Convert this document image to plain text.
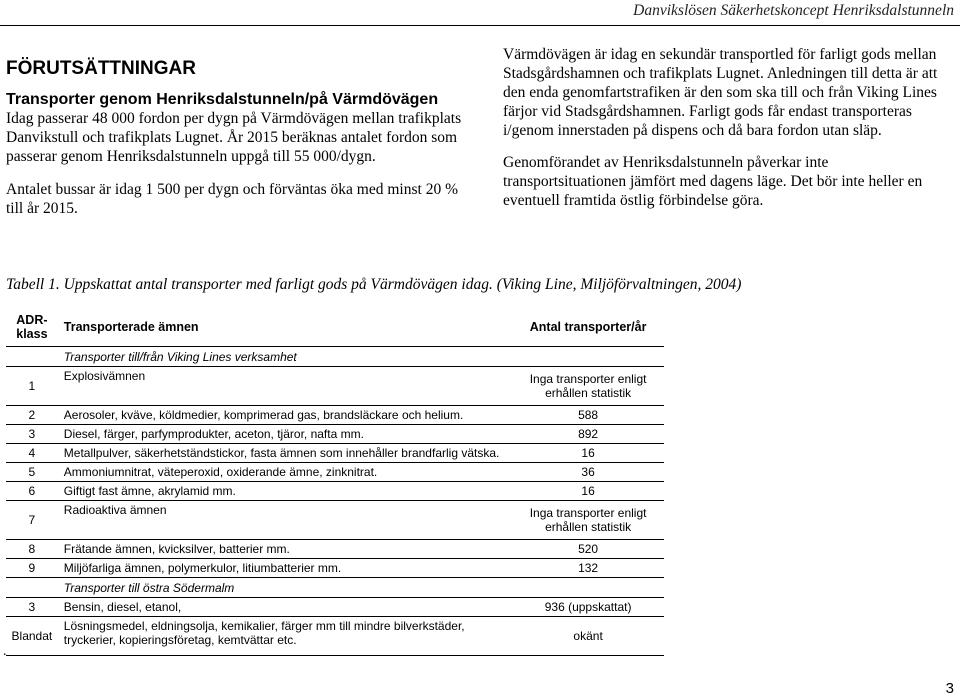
Danvikslösen Säkerhetskoncept Henriksdalstunneln
FÖRUTSÄTTNINGAR
Transporter genom Henriksdalstunneln/på Värmdövägen

Idag passerar 48 000 fordon per dygn på Värmdövägen mellan trafikplats Danvikstull och trafikplats Lugnet. År 2015 beräknas antalet fordon som passerar genom Henriksdalstunneln uppgå till 55 000/dygn.

Antalet bussar är idag 1 500 per dygn och förväntas öka med minst 20 % till år 2015.

Värmdövägen är idag en sekundär transportled för farligt gods mellan Stadsgårdshamnen och trafikplats Lugnet. Anledningen till detta är att den enda genomfartstrafiken är den som ska till och från Viking Lines färjor vid Stadsgårdshamnen. Farligt gods får endast transporteras i/genom innerstaden på dispens och då bara fordon utan släp.

Genomförandet av Henriksdalstunneln påverkar inte transportsituationen jämfört med dagens läge. Det bör inte heller en eventuell framtida östlig förbindelse göra.

Tabell 1. Uppskattat antal transporter med farligt gods på Värmdövägen idag. (Viking Line, Miljöförvaltningen, 2004)
ADR-klass	Transporterade ämnen	Antal transporter/år
	Transporter till/från Viking Lines verksamhet	
1	Explosivämnen	Inga transporter enligt erhållen statistik
2	Aerosoler, kväve, köldmedier, komprimerad gas, brandsläckare och helium.	588
3	Diesel, färger, parfymprodukter, aceton, tjäror, nafta mm.	892
4	Metallpulver, säkerhetständstickor, fasta ämnen som innehåller brandfarlig vätska.	16
5	Ammoniumnitrat, väteperoxid, oxiderande ämne, zinknitrat.	36
6	Giftigt fast ämne, akrylamid mm.	16
7	Radioaktiva ämnen	Inga transporter enligt erhållen statistik
8	Frätande ämnen, kvicksilver, batterier mm.	520
9	Miljöfarliga ämnen, polymerkulor, litiumbatterier mm.	132
	Transporter till östra Södermalm	
3	Bensin, diesel, etanol,	936 (uppskattat)
Blandat	Lösningsmedel, eldningsolja, kemikalier, färger mm till mindre bilverkstäder, tryckerier, kopieringsföretag, kemtvättar etc.	okänt
.
3
